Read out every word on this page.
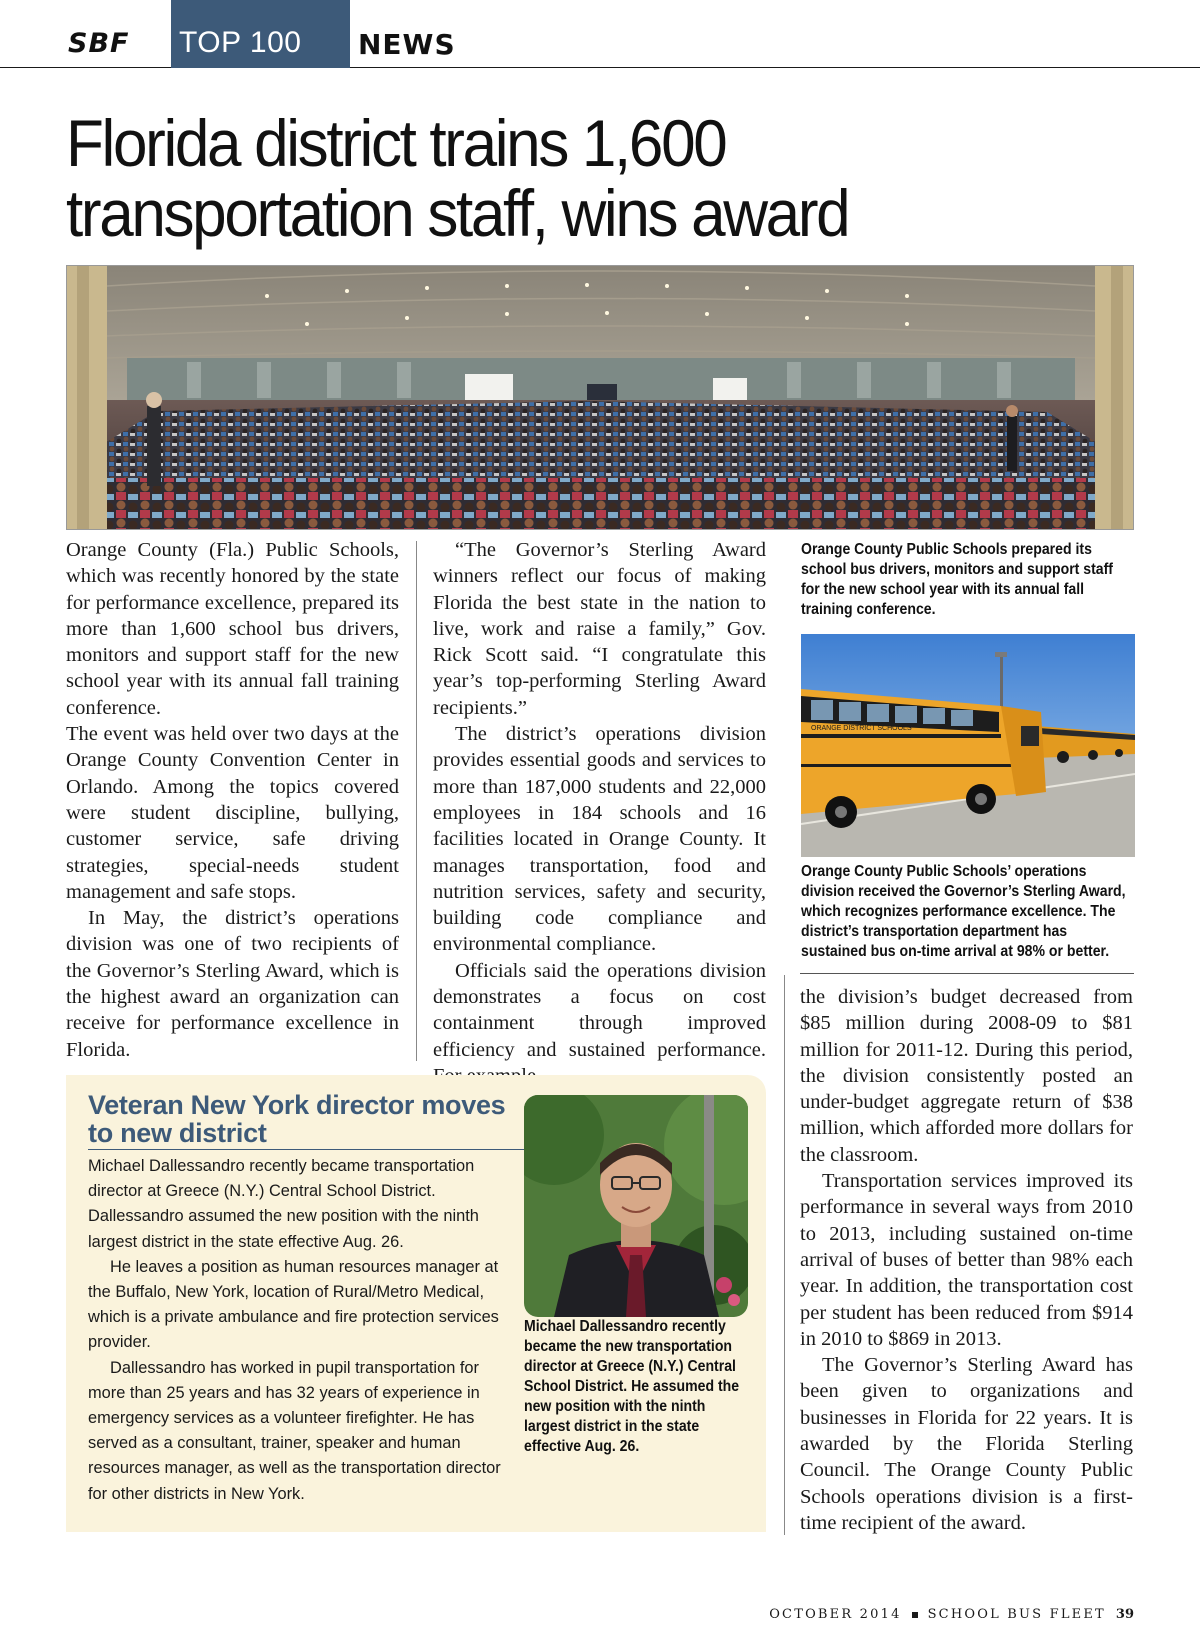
SBF TOP 100	NEWS
Florida district trains 1,600
transportation staff, wins award

Orange County (Fla.) Public Schools, which was recently honored by the state for performance excellence, prepared its more than 1,600 school bus drivers, monitors and support staff for the new school year with its annual fall training conference.

The event was held over two days at the Orange County Convention Center in Orlando. Among the topics covered were student discipline, bullying, customer service, safe driving strategies, special-needs student management and safe stops.

In May, the district’s operations division was one of two recipients of the Governor’s Sterling Award, which is the highest award an organization can receive for performance excellence in Florida.

“The Governor’s Sterling Award winners reflect our focus of making Florida the best state in the nation to live, work and raise a family,” Gov. Rick Scott said. “I congratulate this year’s top-performing Sterling Award recipients.”

The district’s operations division provides essential goods and services to more than 187,000 students and 22,000 employees in 184 schools and 16 facilities located in Orange County. It manages transportation, food and nutrition services, safety and security, building code compliance and environmental compliance.

Officials said the operations division demonstrates a focus on cost containment through improved efficiency and sustained performance.

Orange County Public Schools prepared its school bus drivers, monitors and support staff for the new school year with its annual fall training conference.
ORANGE DISTRICT SCHOOLS
Orange County Public Schools’ operations division received the Governor’s Sterling Award, which recognizes performance excellence. The district’s transportation department has sustained bus on-time arrival at 98% or better.

the division’s budget decreased from $85 million during 2008-09 to $81 million for 2011-12. During this period, the division consistently posted an under-budget aggregate return of $38 million, which afforded more dollars for the classroom.

Transportation services improved its performance in several ways from 2010 to 2013, including sustained on-time arrival of buses of better than 98% each year. In addition, the transportation cost per student has been reduced from $914 in 2010 to $869 in 2013.

The Governor’s Sterling Award has been given to organizations and businesses in Florida for 22 years. It is awarded by the Florida Sterling Council. The Orange County Public Schools operations division is a first-time recipient of the award.

Veteran New York director moves to new district

Michael Dallessandro recently became transportation director at Greece (N.Y.) Central School District. Dallessandro assumed the new position with the ninth largest district in the state effective Aug. 26.

He leaves a position as human resources manager at the Buffalo, New York, location of Rural/Metro Medical, which is a private ambulance and fire protection services provider.

Dallessandro has worked in pupil transportation for more than 25 years and has 32 years of experience in emergency services as a volunteer firefighter. He has served as a consultant, trainer, speaker and human resources manager, as well as the transportation director for other districts in New York.

Michael Dallessandro recently became the new transportation director at Greece (N.Y.) Central School District. He assumed the new position with the ninth largest district in the state effective Aug. 26.
OCTOBER 2014 SCHOOL BUS FLEET 39
